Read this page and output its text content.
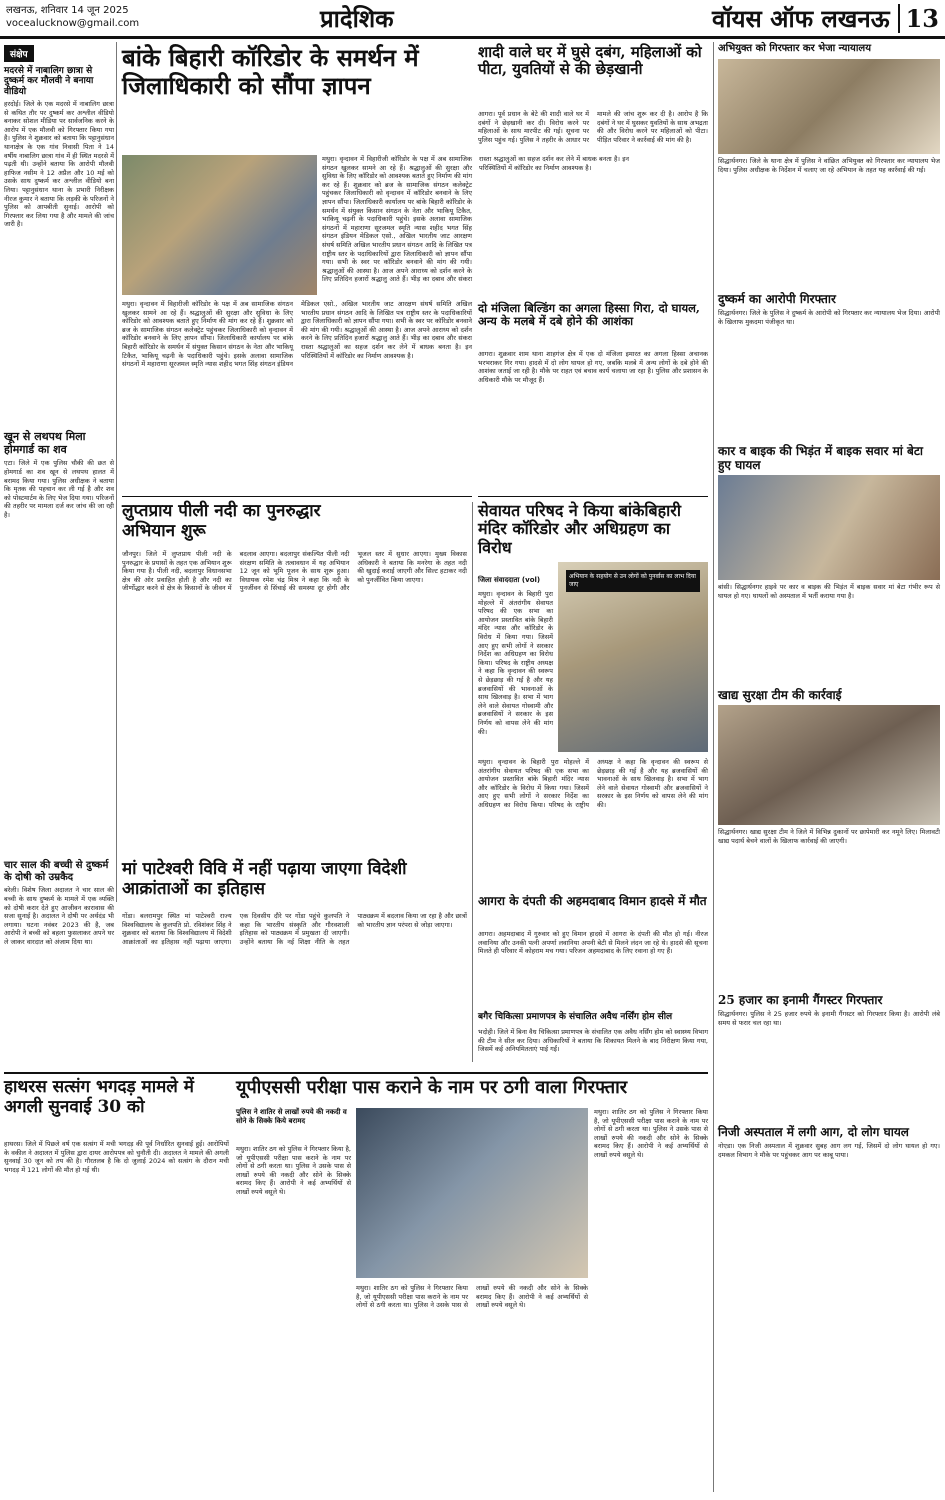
लखनऊ, शनिवार 14 जून 2025
vocealucknow@gmail.com	प्रादेशिक	वॉयस ऑफ लखनऊ 13
संक्षेप
मदरसे में नाबालिग छात्रा से दुष्कर्म कर मौलवी ने बनाया वीडियो
हरदोई। जिले के एक मदरसे में नाबालिग छात्रा से कथित तौर पर दुष्कर्म कर अश्लील वीडियो बनाकर सोशल मीडिया पर सार्वजनिक करने के आरोप में एक मौलवी को गिरफ्तार किया गया है। पुलिस ने शुक्रवार को बताया कि पट्टानुसंधान थानाक्षेत्र के एक गांव निवासी पिता ने 14 वर्षीय नाबालिग छात्रा गांव में ही स्थित मदरसे में पढ़ती थी। उन्होंने बताया कि आरोपी मौलवी हाफिज नसीम ने 12 अप्रैल और 10 मई को उसके साथ दुष्कर्म कर अश्लील वीडियो बना लिया। पट्टानुसंधान थाना के प्रभारी निरीक्षक नीरज कुमार ने बताया कि लड़की के परिजनों ने पुलिस को आपबीती सुनाई। आरोपी को गिरफ्तार कर लिया गया है और मामले की जांच जारी है।
खून से लथपथ मिला होमगार्ड का शव
एटा। जिले में एक पुलिस चौकी की छत से होमगार्ड का शव खून से लथपथ हालत में बरामद किया गया। पुलिस अधीक्षक ने बताया कि मृतक की पहचान कर ली गई है और शव को पोस्टमार्टम के लिए भेज दिया गया। परिजनों की तहरीर पर मामला दर्ज कर जांच की जा रही है।
चार साल की बच्ची से दुष्कर्म के दोषी को उम्रकैद
बरेली। विशेष जिला अदालत ने चार साल की बच्ची के साथ दुष्कर्म के मामले में एक व्यक्ति को दोषी करार देते हुए आजीवन कारावास की सजा सुनाई है। अदालत ने दोषी पर अर्थदंड भी लगाया। घटना नवंबर 2023 की है, जब आरोपी ने बच्ची को बहला फुसलाकर अपने घर ले जाकर वारदात को अंजाम दिया था।
बांके बिहारी कॉरिडोर के समर्थन में जिलाधिकारी को सौंपा ज्ञापन
मथुरा। वृन्दावन में विहारीजी कॉरिडोर के पक्ष में अब सामाजिक संगठन खुलकर सामने आ रहे हैं। श्रद्धालुओं की सुरक्षा और सुविधा के लिए कॉरिडोर को आवश्यक बताते हुए निर्माण की मांग कर रहे हैं। शुक्रवार को ब्रज के सामाजिक संगठन कलेक्ट्रेट पहुंचकर जिलाधिकारी को वृन्दावन में कॉरिडोर बनवाने के लिए ज्ञापन सौंपा। जिलाधिकारी कार्यालय पर बांके बिहारी कॉरिडोर के समर्थन में संयुक्त किसान संगठन के नेता और भाकियू टिकैत, भाकियू चढ़नी के पदाधिकारी पहुंचे। इसके अलावा सामाजिक संगठनों में महाराणा सूरजमल स्मृति न्यास शहीद भगत सिंह संगठन इंडियन मेडिकल एसो., अखिल भारतीय जाट आरक्षण संघर्ष समिति अखिल भारतीय प्रधान संगठन आदि के लिखित पत्र राष्ट्रीय स्तर के पदाधिकारियों द्वारा जिलाधिकारी को ज्ञापन सौंपा गया। सभी के स्वर पर कॉरिडोर बनवाने की मांग की गयी। श्रद्धालुओं की आस्था है। आज अपने आराध्य को दर्शन करने के लिए प्रतिदिन हजारों श्रद्धालु आते हैं। भीड़ का दबाव और संकरा रास्ता श्रद्धालुओं का सहज दर्शन कर लेने में बाधक बनता है। इन परिस्थितियों में कॉरिडोर का निर्माण आवश्यक है।
मथुरा। वृन्दावन में विहारीजी कॉरिडोर के पक्ष में अब सामाजिक संगठन खुलकर सामने आ रहे हैं। श्रद्धालुओं की सुरक्षा और सुविधा के लिए कॉरिडोर को आवश्यक बताते हुए निर्माण की मांग कर रहे हैं। शुक्रवार को ब्रज के सामाजिक संगठन कलेक्ट्रेट पहुंचकर जिलाधिकारी को वृन्दावन में कॉरिडोर बनवाने के लिए ज्ञापन सौंपा। जिलाधिकारी कार्यालय पर बांके बिहारी कॉरिडोर के समर्थन में संयुक्त किसान संगठन के नेता और भाकियू टिकैत, भाकियू चढ़नी के पदाधिकारी पहुंचे। इसके अलावा सामाजिक संगठनों में महाराणा सूरजमल स्मृति न्यास शहीद भगत सिंह संगठन इंडियन मेडिकल एसो., अखिल भारतीय जाट आरक्षण संघर्ष समिति अखिल भारतीय प्रधान संगठन आदि के लिखित पत्र राष्ट्रीय स्तर के पदाधिकारियों द्वारा जिलाधिकारी को ज्ञापन सौंपा गया। सभी के स्वर पर कॉरिडोर बनवाने की मांग की गयी। श्रद्धालुओं की आस्था है। आज अपने आराध्य को दर्शन करने के लिए प्रतिदिन हजारों श्रद्धालु आते हैं। भीड़ का दबाव और संकरा रास्ता श्रद्धालुओं का सहज दर्शन कर लेने में बाधक बनता है। इन परिस्थितियों में कॉरिडोर का निर्माण आवश्यक है।
शादी वाले घर में घुसे दबंग, महिलाओं को पीटा, युवतियों से की छेड़खानी
आगरा। पूर्व प्रधान के बेटे की शादी वाले घर में दबंगों ने छेड़खानी कर दी। विरोध करने पर महिलाओं के साथ मारपीट की गई। सूचना पर पुलिस पहुंच गई। पुलिस ने तहरीर के आधार पर मामले की जांच शुरू कर दी है। आरोप है कि दबंगों ने घर में घुसकर युवतियों के साथ अभद्रता की और विरोध करने पर महिलाओं को पीटा। पीड़ित परिवार ने कार्रवाई की मांग की है।
दो मंजिला बिल्डिंग का अगला हिस्सा गिरा, दो घायल, अन्य के मलबे में दबे होने की आशंका
आगरा। शुक्रवार शाम थाना शाहगंज क्षेत्र में एक दो मंजिला इमारत का अगला हिस्सा अचानक भरभराकर गिर गया। हादसे में दो लोग घायल हो गए, जबकि मलबे में अन्य लोगों के दबे होने की आशंका जताई जा रही है। मौके पर राहत एवं बचाव कार्य चलाया जा रहा है। पुलिस और प्रशासन के अधिकारी मौके पर मौजूद हैं।
लुप्तप्राय पीली नदी का पुनरुद्धार अभियान शुरू
जौनपुर। जिले में लुप्तप्राय पीली नदी के पुनरुद्धार के प्रयासों के तहत एक अभियान शुरू किया गया है। पीली नदी, बदलापुर विधानसभा क्षेत्र की ओर प्रवाहित होती है और नदी का जीर्णोद्धार करने से क्षेत्र के किसानों के जीवन में बदलाव आएगा। बदलापुर संकल्पित पीली नदी संरक्षण समिति के तत्वावधान में यह अभियान 12 जून को भूमि पूजन के साथ शुरू हुआ। विधायक रमेश चंद्र मिश्र ने कहा कि नदी के पुनर्जीवन से सिंचाई की समस्या दूर होगी और भूजल स्तर में सुधार आएगा। मुख्य विकास अधिकारी ने बताया कि मनरेगा के तहत नदी की खुदाई कराई जाएगी और सिल्ट हटाकर नदी को पुनर्जीवित किया जाएगा।
सेवायत परिषद ने किया बांकेबिहारी मंदिर कॉरिडोर और अधिग्रहण का विरोध
जिला संवाददाता (vol)
मथुरा। वृन्दावन के बिहारी पुरा मोहल्ले में अंतरांगीय सेवायत परिषद की एक सभा का आयोजन प्रस्तावित बांके बिहारी मंदिर न्यास और कॉरिडोर के विरोध में किया गया। जिसमें आए हुए सभी लोगों ने सरकार निर्देश का अधिग्रहण का विरोध किया। परिषद के राष्ट्रीय अध्यक्ष ने कहा कि वृन्दावन की स्वरूप से छेड़छाड़ की गई है और यह ब्रजवासियों की भावनाओं के साथ खिलवाड़ है। सभा में भाग लेने वाले सेवायत गोस्वामी और ब्रजवासियों ने सरकार के इस निर्णय को वापस लेने की मांग की।
अभियान के सहयोग से उन लोगों को पुनर्वास का लाभ दिया जाए
मथुरा। वृन्दावन के बिहारी पुरा मोहल्ले में अंतरांगीय सेवायत परिषद की एक सभा का आयोजन प्रस्तावित बांके बिहारी मंदिर न्यास और कॉरिडोर के विरोध में किया गया। जिसमें आए हुए सभी लोगों ने सरकार निर्देश का अधिग्रहण का विरोध किया। परिषद के राष्ट्रीय अध्यक्ष ने कहा कि वृन्दावन की स्वरूप से छेड़छाड़ की गई है और यह ब्रजवासियों की भावनाओं के साथ खिलवाड़ है। सभा में भाग लेने वाले सेवायत गोस्वामी और ब्रजवासियों ने सरकार के इस निर्णय को वापस लेने की मांग की।
मां पाटेश्वरी विवि में नहीं पढ़ाया जाएगा विदेशी आक्रांताओं का इतिहास
गोंडा। बलरामपुर स्थित मां पाटेश्वरी राज्य विश्वविद्यालय के कुलपति प्रो. रविशंकर सिंह ने शुक्रवार को बताया कि विश्वविद्यालय में विदेशी आक्रांताओं का इतिहास नहीं पढ़ाया जाएगा। एक दिवसीय दौरे पर गोंडा पहुंचे कुलपति ने कहा कि भारतीय संस्कृति और गौरवशाली इतिहास को पाठ्यक्रम में प्रमुखता दी जाएगी। उन्होंने बताया कि नई शिक्षा नीति के तहत पाठ्यक्रम में बदलाव किया जा रहा है और छात्रों को भारतीय ज्ञान परंपरा से जोड़ा जाएगा।
आगरा के दंपती की अहमदाबाद विमान हादसे में मौत
आगरा। अहमदाबाद में गुरुवार को हुए विमान हादसे में आगरा के दंपती की मौत हो गई। नीरज लवानिया और उनकी पत्नी अपर्णा लवानिया अपनी बेटी से मिलने लंदन जा रहे थे। हादसे की सूचना मिलते ही परिवार में कोहराम मच गया। परिजन अहमदाबाद के लिए रवाना हो गए हैं।
बगैर चिकित्सा प्रमाणपत्र के संचालित अवैध नर्सिंग होम सील
भदोही। जिले में बिना वैध चिकित्सा प्रमाणपत्र के संचालित एक अवैध नर्सिंग होम को स्वास्थ्य विभाग की टीम ने सील कर दिया। अधिकारियों ने बताया कि शिकायत मिलने के बाद निरीक्षण किया गया, जिसमें कई अनियमितताएं पाई गईं।
हाथरस सत्संग भगदड़ मामले में अगली सुनवाई 30 को
हाथरस। जिले में पिछले वर्ष एक सत्संग में मची भगदड़ की पूर्व निर्धारित सुनवाई हुई। आरोपियों के वकील ने अदालत में पुलिस द्वारा दायर आरोपपत्र को चुनौती दी। अदालत ने मामले की अगली सुनवाई 30 जून को तय की है। गौरतलब है कि दो जुलाई 2024 को सत्संग के दौरान मची भगदड़ में 121 लोगों की मौत हो गई थी।
यूपीएससी परीक्षा पास कराने के नाम पर ठगी वाला गिरफ्तार
पुलिस ने शातिर से लाखों रुपये की नकदी व सोने के सिक्के किये बरामद
मथुरा। शातिर ठग को पुलिस ने गिरफ्तार किया है, जो यूपीएससी परीक्षा पास कराने के नाम पर लोगों से ठगी करता था। पुलिस ने उसके पास से लाखों रुपये की नकदी और सोने के सिक्के बरामद किए हैं। आरोपी ने कई अभ्यर्थियों से लाखों रुपये वसूले थे।
मथुरा। शातिर ठग को पुलिस ने गिरफ्तार किया है, जो यूपीएससी परीक्षा पास कराने के नाम पर लोगों से ठगी करता था। पुलिस ने उसके पास से लाखों रुपये की नकदी और सोने के सिक्के बरामद किए हैं। आरोपी ने कई अभ्यर्थियों से लाखों रुपये वसूले थे।
मथुरा। शातिर ठग को पुलिस ने गिरफ्तार किया है, जो यूपीएससी परीक्षा पास कराने के नाम पर लोगों से ठगी करता था। पुलिस ने उसके पास से लाखों रुपये की नकदी और सोने के सिक्के बरामद किए हैं। आरोपी ने कई अभ्यर्थियों से लाखों रुपये वसूले थे।
अभियुक्त को गिरफ्तार कर भेजा न्यायालय
सिद्धार्थनगर। जिले के थाना क्षेत्र में पुलिस ने वांछित अभियुक्त को गिरफ्तार कर न्यायालय भेज दिया। पुलिस अधीक्षक के निर्देशन में चलाए जा रहे अभियान के तहत यह कार्रवाई की गई।
दुष्कर्म का आरोपी गिरफ्तार
सिद्धार्थनगर। जिले के पुलिस ने दुष्कर्म के आरोपी को गिरफ्तार कर न्यायालय भेज दिया। आरोपी के खिलाफ मुकदमा पंजीकृत था।
कार व बाइक की भिड़ंत में बाइक सवार मां बेटा हुए घायल
बांसी। सिद्धार्थनगर हाइवे पर कार व बाइक की भिड़ंत में बाइक सवार मां बेटा गंभीर रूप से घायल हो गए। घायलों को अस्पताल में भर्ती कराया गया है।
खाद्य सुरक्षा टीम की कार्रवाई
सिद्धार्थनगर। खाद्य सुरक्षा टीम ने जिले में विभिन्न दुकानों पर छापेमारी कर नमूने लिए। मिलावटी खाद्य पदार्थ बेचने वालों के खिलाफ कार्रवाई की जाएगी।
25 हजार का इनामी गैंगस्टर गिरफ्तार
सिद्धार्थनगर। पुलिस ने 25 हजार रुपये के इनामी गैंगस्टर को गिरफ्तार किया है। आरोपी लंबे समय से फरार चल रहा था।
निजी अस्पताल में लगी आग, दो लोग घायल
नोएडा। एक निजी अस्पताल में शुक्रवार सुबह आग लग गई, जिसमें दो लोग घायल हो गए। दमकल विभाग ने मौके पर पहुंचकर आग पर काबू पाया।
